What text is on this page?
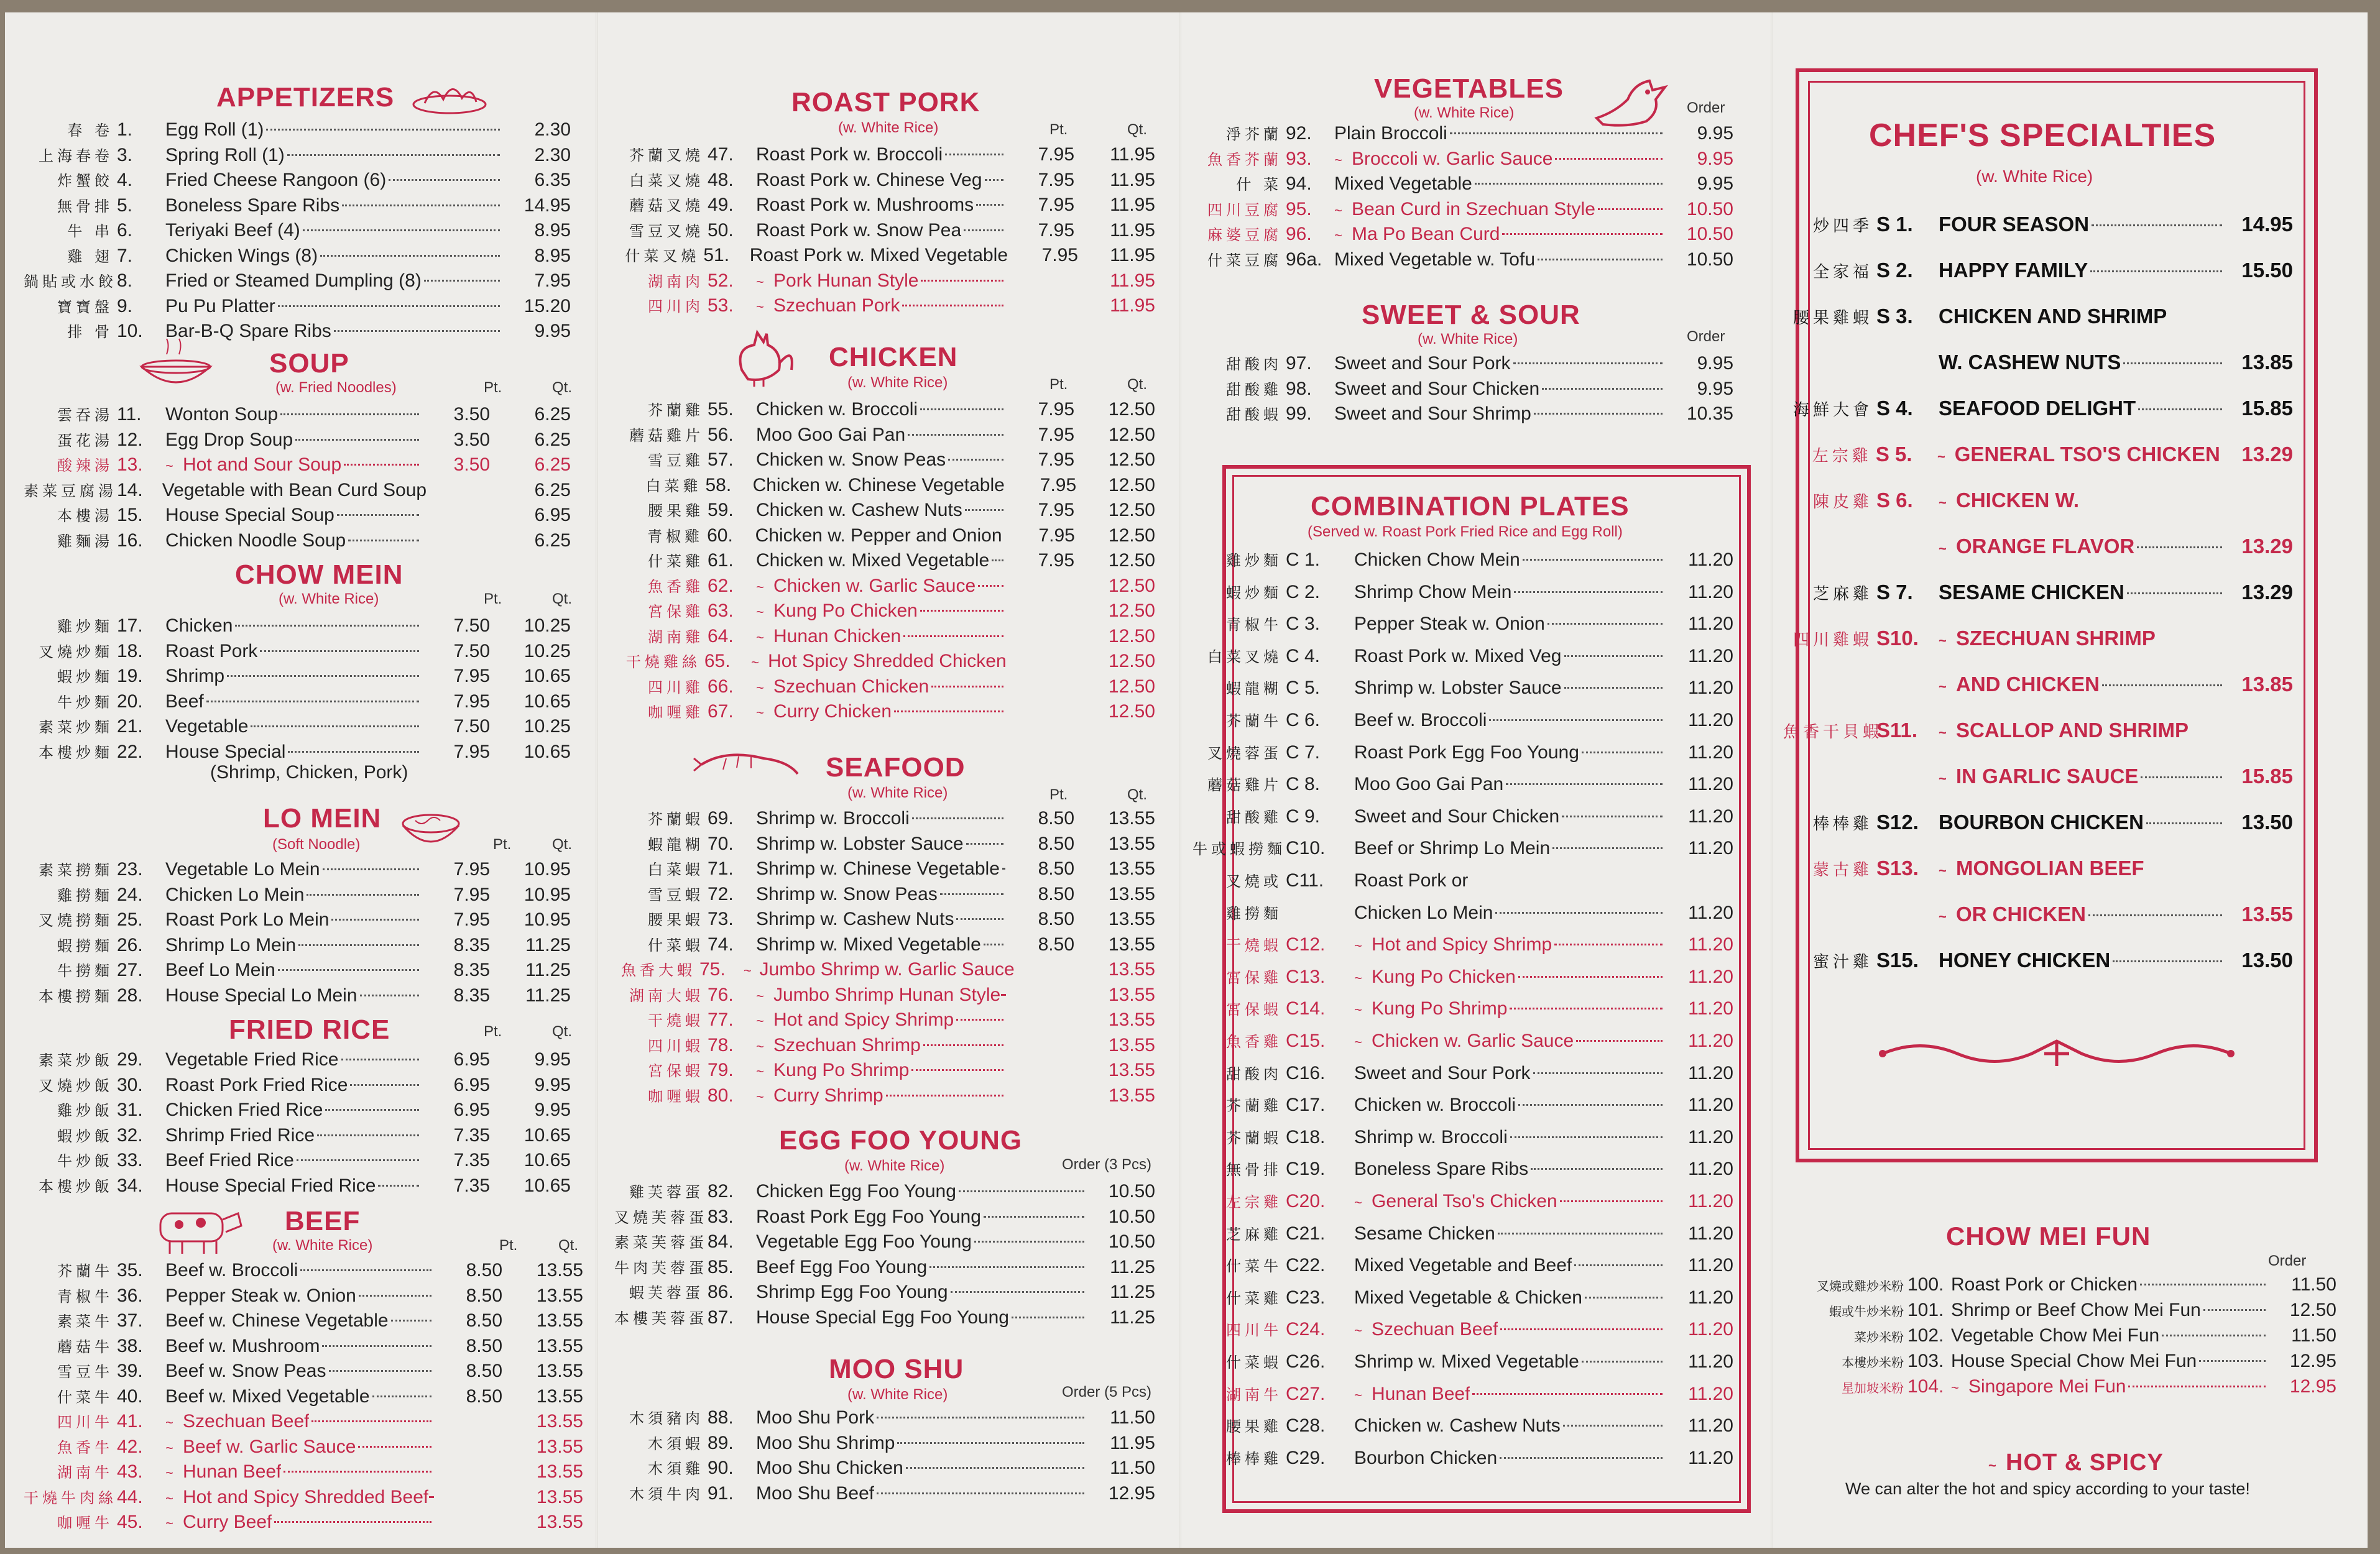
APPETIZERS
春 卷 1.	Egg Roll (1)	2.30
上海春卷 3.	Spring Roll (1)	2.30
炸蟹餃 4.	Fried Cheese Rangoon (6)	6.35
無骨排 5.	Boneless Spare Ribs	14.95
牛 串 6.	Teriyaki Beef (4)	8.95
雞 翅 7.	Chicken Wings (8)	8.95
鍋貼或水餃 8.	Fried or Steamed Dumpling (8)	7.95
寶寶盤 9.	Pu Pu Platter	15.20
排 骨 10.	Bar-B-Q Spare Ribs	9.95
SOUP
(w. Fried Noodles)	Pt.	Qt.
雲吞湯 11.	Wonton Soup	3.50	6.25
蛋花湯 12.	Egg Drop Soup	3.50	6.25
酸辣湯 13.	~ Hot and Sour Soup	3.50	6.25
素菜豆腐湯 14.	Vegetable with Bean Curd Soup	6.25
本樓湯 15.	House Special Soup	6.95
雞麵湯 16.	Chicken Noodle Soup	6.25
CHOW MEIN
(w. White Rice)	Pt.	Qt.
雞炒麵 17.	Chicken	7.50	10.25
叉燒炒麵 18.	Roast Pork	7.50	10.25
蝦炒麵 19.	Shrimp	7.95	10.65
牛炒麵 20.	Beef	7.95	10.65
素菜炒麵 21.	Vegetable	7.50	10.25
本樓炒麵 22.	House Special	7.95	10.65
(Shrimp, Chicken, Pork)
LO MEIN
(Soft Noodle)	Pt.	Qt.
素菜撈麵 23.	Vegetable Lo Mein	7.95	10.95
雞撈麵 24.	Chicken Lo Mein	7.95	10.95
叉燒撈麵 25.	Roast Pork Lo Mein	7.95	10.95
蝦撈麵 26.	Shrimp Lo Mein	8.35	11.25
牛撈麵 27.	Beef Lo Mein	8.35	11.25
本樓撈麵 28.	House Special Lo Mein	8.35	11.25
FRIED RICE	Pt.	Qt.
素菜炒飯 29.	Vegetable Fried Rice	6.95	9.95
叉燒炒飯 30.	Roast Pork Fried Rice	6.95	9.95
雞炒飯 31.	Chicken Fried Rice	6.95	9.95
蝦炒飯 32.	Shrimp Fried Rice	7.35	10.65
牛炒飯 33.	Beef Fried Rice	7.35	10.65
本樓炒飯 34.	House Special Fried Rice	7.35	10.65
BEEF
(w. White Rice)	Pt.	Qt.
芥蘭牛 35.	Beef w. Broccoli	8.50	13.55
青椒牛 36.	Pepper Steak w. Onion	8.50	13.55
素菜牛 37.	Beef w. Chinese Vegetable	8.50	13.55
蘑菇牛 38.	Beef w. Mushroom	8.50	13.55
雪豆牛 39.	Beef w. Snow Peas	8.50	13.55
什菜牛 40.	Beef w. Mixed Vegetable	8.50	13.55
四川牛 41.	~ Szechuan Beef	13.55
魚香牛 42.	~ Beef w. Garlic Sauce	13.55
湖南牛 43.	~ Hunan Beef	13.55
干燒牛肉絲 44.	~ Hot and Spicy Shredded Beef	13.55
咖喱牛 45.	~ Curry Beef	13.55
ROAST PORK
(w. White Rice)	Pt.	Qt.
芥蘭叉燒 47.	Roast Pork w. Broccoli	7.95	11.95
白菜叉燒 48.	Roast Pork w. Chinese Veg	7.95	11.95
蘑菇叉燒 49.	Roast Pork w. Mushrooms	7.95	11.95
雪豆叉燒 50.	Roast Pork w. Snow Pea	7.95	11.95
什菜叉燒 51.	Roast Pork w. Mixed Vegetable	7.95	11.95
湖南肉 52.	~ Pork Hunan Style	11.95
四川肉 53.	~ Szechuan Pork	11.95
CHICKEN
(w. White Rice)	Pt.	Qt.
芥蘭雞 55.	Chicken w. Broccoli	7.95	12.50
蘑菇雞片 56.	Moo Goo Gai Pan	7.95	12.50
雪豆雞 57.	Chicken w. Snow Peas	7.95	12.50
白菜雞 58.	Chicken w. Chinese Vegetable	7.95	12.50
腰果雞 59.	Chicken w. Cashew Nuts	7.95	12.50
青椒雞 60.	Chicken w. Pepper and Onion	7.95	12.50
什菜雞 61.	Chicken w. Mixed Vegetable	7.95	12.50
魚香雞 62.	~ Chicken w. Garlic Sauce	12.50
宮保雞 63.	~ Kung Po Chicken	12.50
湖南雞 64.	~ Hunan Chicken	12.50
干燒雞絲 65.	~ Hot Spicy Shredded Chicken	12.50
四川雞 66.	~ Szechuan Chicken	12.50
咖喱雞 67.	~ Curry Chicken	12.50
SEAFOOD
(w. White Rice)	Pt.	Qt.
芥蘭蝦 69.	Shrimp w. Broccoli	8.50	13.55
蝦龍糊 70.	Shrimp w. Lobster Sauce	8.50	13.55
白菜蝦 71.	Shrimp w. Chinese Vegetable	8.50	13.55
雪豆蝦 72.	Shrimp w. Snow Peas	8.50	13.55
腰果蝦 73.	Shrimp w. Cashew Nuts	8.50	13.55
什菜蝦 74.	Shrimp w. Mixed Vegetable	8.50	13.55
魚香大蝦 75.	~ Jumbo Shrimp w. Garlic Sauce	13.55
湖南大蝦 76.	~ Jumbo Shrimp Hunan Style	13.55
干燒蝦 77.	~ Hot and Spicy Shrimp	13.55
四川蝦 78.	~ Szechuan Shrimp	13.55
宮保蝦 79.	~ Kung Po Shrimp	13.55
咖喱蝦 80.	~ Curry Shrimp	13.55
EGG FOO YOUNG
(w. White Rice)	Order (3 Pcs)
雞芙蓉蛋 82.	Chicken Egg Foo Young	10.50
叉燒芙蓉蛋 83.	Roast Pork Egg Foo Young	10.50
素菜芙蓉蛋 84.	Vegetable Egg Foo Young	10.50
牛肉芙蓉蛋 85.	Beef Egg Foo Young	11.25
蝦芙蓉蛋 86.	Shrimp Egg Foo Young	11.25
本樓芙蓉蛋 87.	House Special Egg Foo Young	11.25
MOO SHU
(w. White Rice)	Order (5 Pcs)
木須豬肉 88.	Moo Shu Pork	11.50
木須蝦 89.	Moo Shu Shrimp	11.95
木須雞 90.	Moo Shu Chicken	11.50
木須牛肉 91.	Moo Shu Beef	12.95
VEGETABLES
(w. White Rice)	Order
淨芥蘭 92.	Plain Broccoli	9.95
魚香芥蘭 93.	~ Broccoli w. Garlic Sauce	9.95
什 菜 94.	Mixed Vegetable	9.95
四川豆腐 95.	~ Bean Curd in Szechuan Style	10.50
麻婆豆腐 96.	~ Ma Po Bean Curd	10.50
什菜豆腐 96a. Mixed Vegetable w. Tofu	10.50
SWEET & SOUR
(w. White Rice)	Order
甜酸肉 97.	Sweet and Sour Pork	9.95
甜酸雞 98.	Sweet and Sour Chicken	9.95
甜酸蝦 99.	Sweet and Sour Shrimp	10.35
COMBINATION PLATES
(Served w. Roast Pork Fried Rice and Egg Roll)
雞炒麵 C 1.	Chicken Chow Mein	11.20
蝦炒麵 C 2.	Shrimp Chow Mein	11.20
青椒牛 C 3.	Pepper Steak w. Onion	11.20
白菜叉燒 C 4.	Roast Pork w. Mixed Veg	11.20
蝦龍糊 C 5.	Shrimp w. Lobster Sauce	11.20
芥蘭牛 C 6.	Beef w. Broccoli	11.20
叉燒蓉蛋 C 7.	Roast Pork Egg Foo Young	11.20
蘑菇雞片 C 8.	Moo Goo Gai Pan	11.20
甜酸雞 C 9.	Sweet and Sour Chicken	11.20
牛或蝦撈麵 C10.	Beef or Shrimp Lo Mein	11.20
叉燒或 C11.	Roast Pork or
雞撈麵	Chicken Lo Mein	11.20
干燒蝦 C12.	~ Hot and Spicy Shrimp	11.20
宮保雞 C13.	~ Kung Po Chicken	11.20
宮保蝦 C14.	~ Kung Po Shrimp	11.20
魚香雞 C15.	~ Chicken w. Garlic Sauce	11.20
甜酸肉 C16.	Sweet and Sour Pork	11.20
芥蘭雞 C17.	Chicken w. Broccoli	11.20
芥蘭蝦 C18.	Shrimp w. Broccoli	11.20
無骨排 C19.	Boneless Spare Ribs	11.20
左宗雞 C20.	~ General Tso's Chicken	11.20
芝麻雞 C21.	Sesame Chicken	11.20
什菜牛 C22.	Mixed Vegetable and Beef	11.20
什菜雞 C23.	Mixed Vegetable & Chicken	11.20
四川牛 C24.	~ Szechuan Beef	11.20
什菜蝦 C26.	Shrimp w. Mixed Vegetable	11.20
湖南牛 C27.	~ Hunan Beef	11.20
腰果雞 C28.	Chicken w. Cashew Nuts	11.20
棒棒雞 C29.	Bourbon Chicken	11.20
CHEF'S SPECIALTIES
(w. White Rice)
炒四季 S 1.	FOUR SEASON	14.95
全家福 S 2.	HAPPY FAMILY	15.50
腰果雞蝦 S 3.	CHICKEN AND SHRIMP
W. CASHEW NUTS	13.85
海鮮大會 S 4.	SEAFOOD DELIGHT	15.85
左宗雞 S 5.	~ GENERAL TSO'S CHICKEN	13.29
陳皮雞 S 6.	~ CHICKEN W.
~ ORANGE FLAVOR	13.29
芝麻雞 S 7.	SESAME CHICKEN	13.29
四川雞蝦 S10.	~ SZECHUAN SHRIMP
~ AND CHICKEN	13.85
魚香干貝蝦
S11.	~ SCALLOP AND SHRIMP
~ IN GARLIC SAUCE	15.85
棒棒雞 S12. BOURBON CHICKEN	13.50
蒙古雞 S13.	~ MONGOLIAN BEEF
~ OR CHICKEN	13.55
蜜汁雞 S15. HONEY CHICKEN	13.50
CHOW MEI FUN
Order
叉燒或雞炒米粉 100. Roast Pork or Chicken	11.50
蝦或牛炒米粉 101. Shrimp or Beef Chow Mei Fun	12.50
菜炒米粉 102. Vegetable Chow Mei Fun	11.50
本樓炒米粉 103. House Special Chow Mei Fun	12.95
星加坡米粉 104. ~ Singapore Mei Fun	12.95
~ HOT & SPICY
We can alter the hot and spicy according to your taste!
